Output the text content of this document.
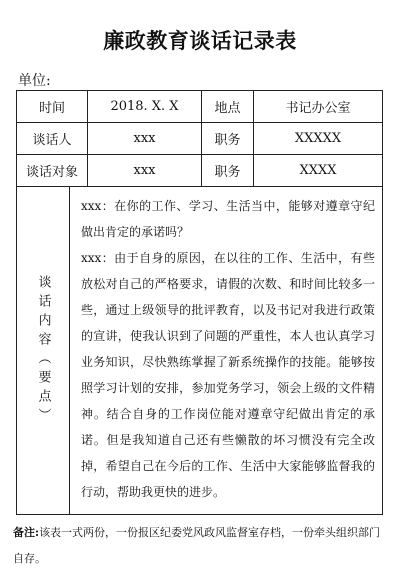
廉政教育谈话记录表
单位:
时间	2018. X. X	地点	书记办公室
谈话人	xxx	职务	XXXXX
谈话对象	xxx	职务	XXXX
谈话内容（要点）

xxx：在你的工作、学习、生活当中，能够对遵章守纪做出肯定的承诺吗？

xxx：由于自身的原因，在以往的工作、生活中，有些放松对自己的严格要求，请假的次数、和时间比较多一些，通过上级领导的批评教育，以及书记对我进行政策的宣讲，使我认识到了问题的严重性，本人也认真学习业务知识，尽快熟练掌握了新系统操作的技能。能够按照学习计划的安排，参加党务学习，领会上级的文件精神。结合自身的工作岗位能对遵章守纪做出肯定的承诺。但是我知道自己还有些懒散的坏习惯没有完全改掉，希望自己在今后的工作、生活中大家能够监督我的行动，帮助我更快的进步。

备注:该表一式两份，一份报区纪委党风政风监督室存档，一份牵头组织部门自存。
